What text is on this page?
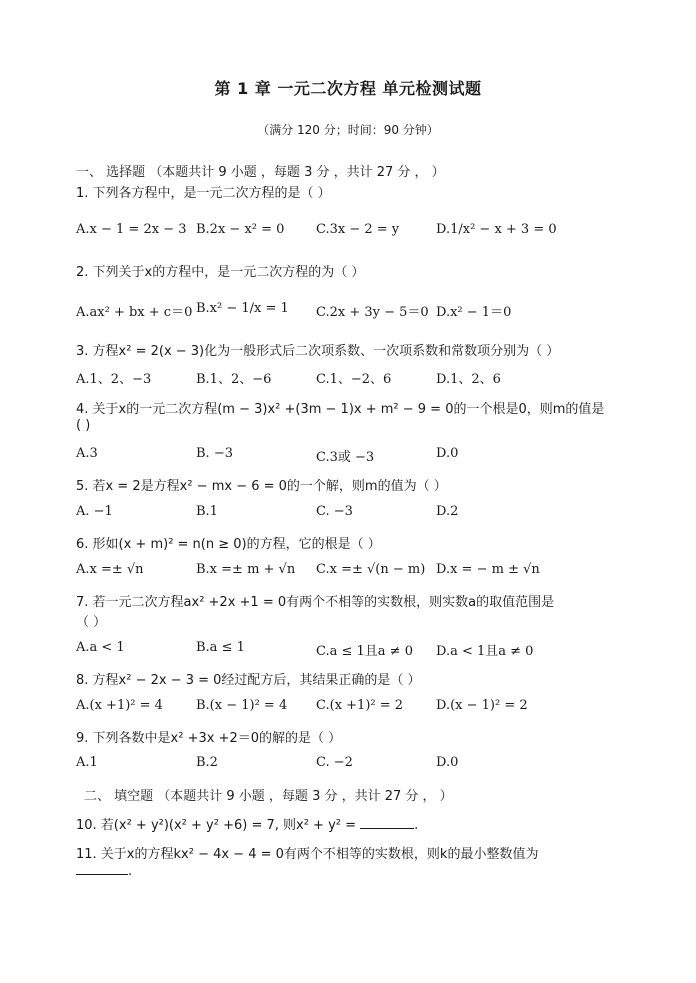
第 1 章 一元二次方程 单元检测试题
（满分 120 分；时间：90 分钟）
一、 选择题 （本题共计 9 小题 ，每题 3 分 ，共计 27 分 ， ）
1. 下列各方程中，是一元二次方程的是（ ）
A.x − 1 = 2x − 3 B.2x − x² = 0 C.3x − 2 = y	D.1/x² − x + 3 = 0
2. 下列关于x的方程中，是一元二次方程的为（ ）
A.ax² + bx + c＝0 B.x² − 1/x = 1 C.2x + 3y − 5＝0 D.x² − 1＝0
3. 方程x² = 2(x − 3)化为一般形式后二次项系数、一次项系数和常数项分别为（ ）
A.1、2、−3	B.1、2、−6	C.1、−2、6	D.1、2、6
4. 关于x的一元二次方程(m − 3)x² +(3m − 1)x + m² − 9 = 0的一个根是0，则m的值是
( )
A.3	B. −3	C.3或 −3	D.0
5. 若x = 2是方程x² − mx − 6 = 0的一个解，则m的值为（ ）
A. −1	B.1	C. −3	D.2
6. 形如(x + m)² = n(n ≥ 0)的方程，它的根是（ ）
A.x =± √n	B.x =± m + √n C.x =± √(n − m) D.x = − m ± √n
7. 若一元二次方程ax² +2x +1 = 0有两个不相等的实数根，则实数a的取值范围是
（ ）
A.a < 1	B.a ≤ 1	C.a ≤ 1且a ≠ 0 D.a < 1且a ≠ 0
8. 方程x² − 2x − 3 = 0经过配方后，其结果正确的是（ ）
A.(x +1)² = 4	B.(x − 1)² = 4 C.(x +1)² = 2	D.(x − 1)² = 2
9. 下列各数中是x² +3x +2＝0的解的是（ ）
A.1	B.2	C. −2	D.0
二、 填空题 （本题共计 9 小题 ，每题 3 分 ，共计 27 分 ， ）
10. 若(x² + y²)(x² + y² +6) = 7, 则x² + y² =	.
11. 关于x的方程kx² − 4x − 4 = 0有两个不相等的实数根，则k的最小整数值为
.
